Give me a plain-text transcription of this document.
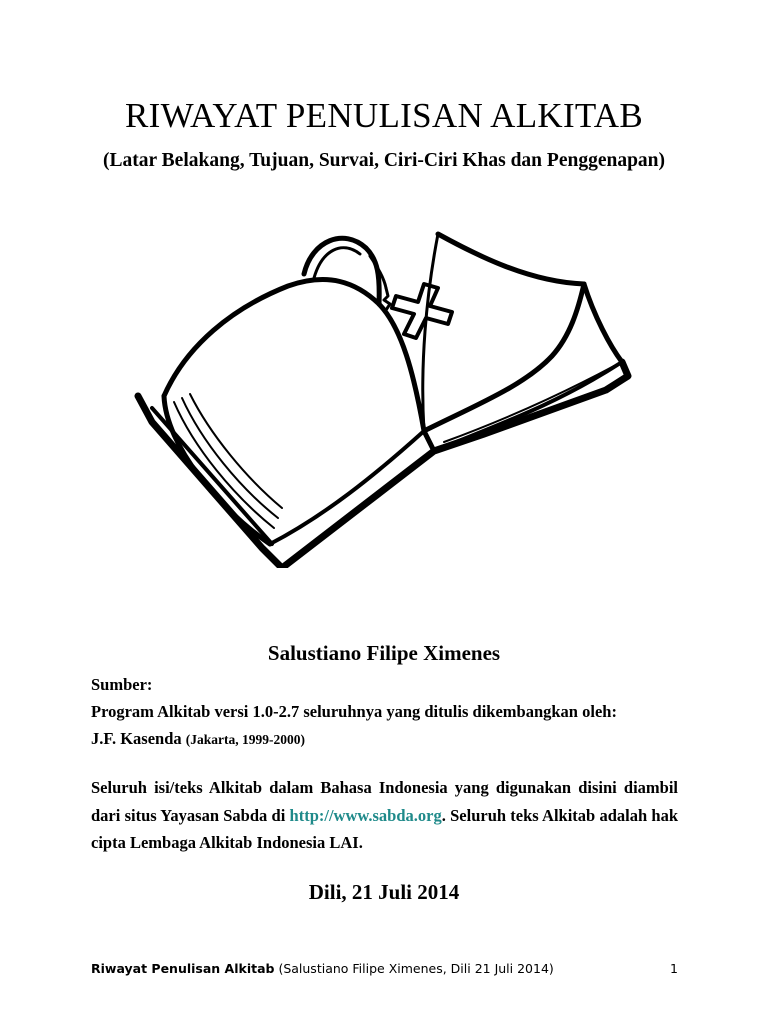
RIWAYAT PENULISAN ALKITAB
(Latar Belakang, Tujuan, Survai, Ciri-Ciri Khas dan Penggenapan)
Salustiano Filipe Ximenes
Sumber:
Program Alkitab versi 1.0-2.7 seluruhnya yang ditulis dikembangkan oleh:
J.F. Kasenda (Jakarta, 1999-2000)
Seluruh isi/teks Alkitab dalam Bahasa Indonesia yang digunakan disini diambil dari situs Yayasan Sabda di http://www.sabda.org. Seluruh teks Alkitab adalah hak cipta Lembaga Alkitab Indonesia LAI.
Dili, 21 Juli 2014
Riwayat Penulisan Alkitab (Salustiano Filipe Ximenes, Dili 21 Juli 2014)	1
